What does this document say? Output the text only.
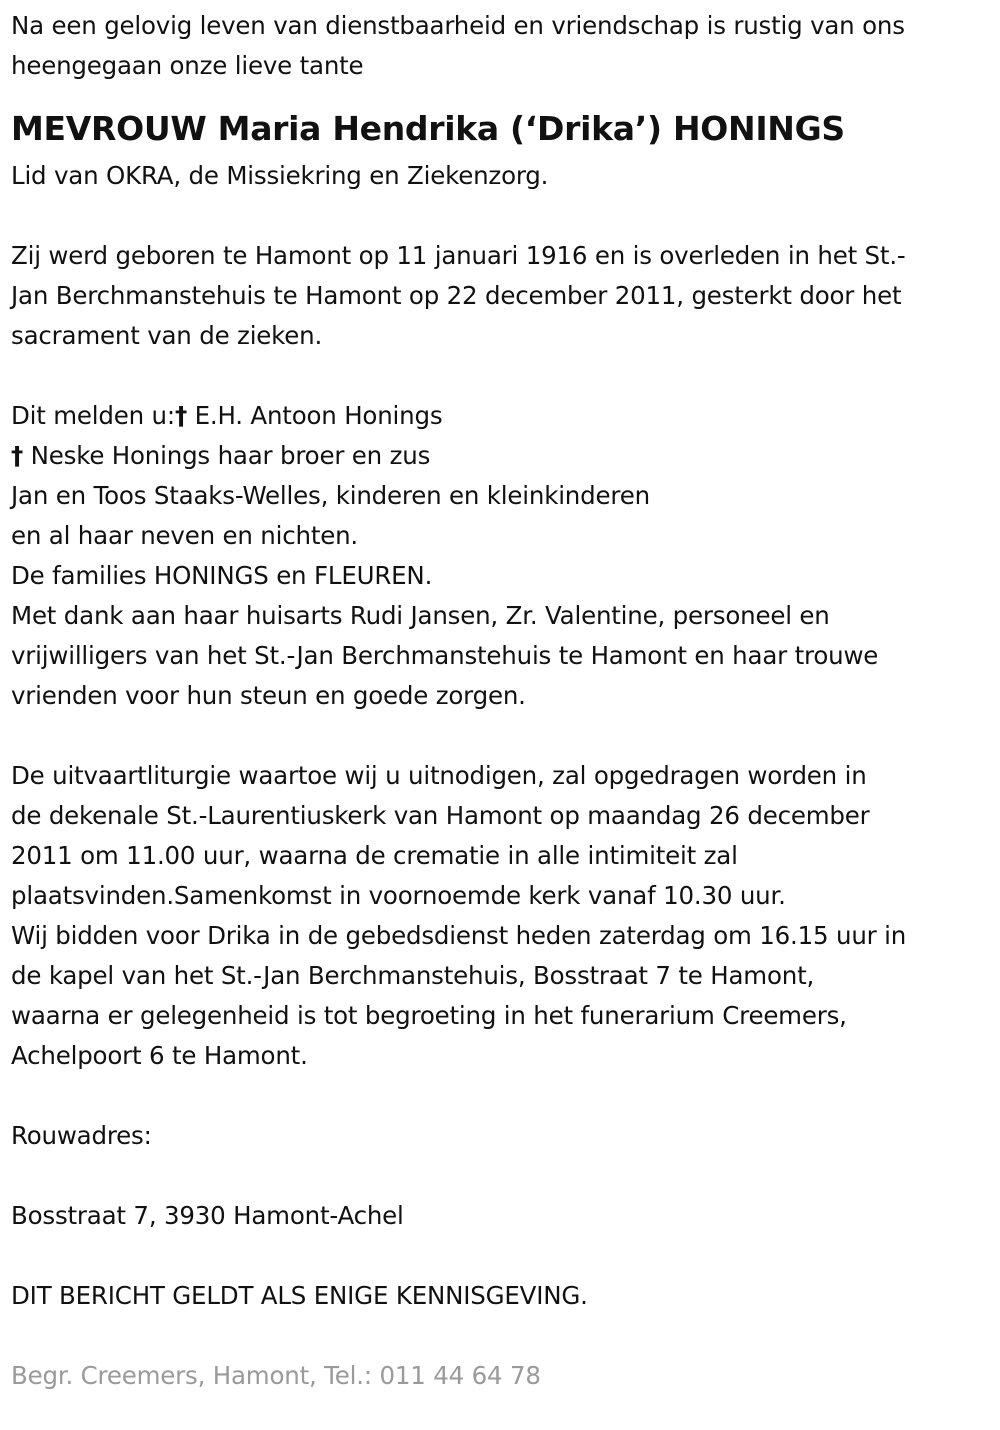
Na een gelovig leven van dienstbaarheid en vriendschap is rustig van ons
heengegaan onze lieve tante
MEVROUW Maria Hendrika (‘Drika’) HONINGS
Lid van OKRA, de Missiekring en Ziekenzorg.
Zij werd geboren te Hamont op 11 januari 1916 en is overleden in het St.-
Jan Berchmanstehuis te Hamont op 22 december 2011, gesterkt door het
sacrament van de zieken.
Dit melden u:† E.H. Antoon Honings
† Neske Honings haar broer en zus
Jan en Toos Staaks-Welles, kinderen en kleinkinderen
en al haar neven en nichten.
De families HONINGS en FLEUREN.
Met dank aan haar huisarts Rudi Jansen, Zr. Valentine, personeel en
vrijwilligers van het St.-Jan Berchmanstehuis te Hamont en haar trouwe
vrienden voor hun steun en goede zorgen.
De uitvaartliturgie waartoe wij u uitnodigen, zal opgedragen worden in
de dekenale St.-Laurentiuskerk van Hamont op maandag 26 december
2011 om 11.00 uur, waarna de crematie in alle intimiteit zal
plaatsvinden.Samenkomst in voornoemde kerk vanaf 10.30 uur.
Wij bidden voor Drika in de gebedsdienst heden zaterdag om 16.15 uur in
de kapel van het St.-Jan Berchmanstehuis, Bosstraat 7 te Hamont,
waarna er gelegenheid is tot begroeting in het funerarium Creemers,
Achelpoort 6 te Hamont.
Rouwadres:
Bosstraat 7, 3930 Hamont-Achel
DIT BERICHT GELDT ALS ENIGE KENNISGEVING.
Begr. Creemers, Hamont, Tel.: 011 44 64 78
